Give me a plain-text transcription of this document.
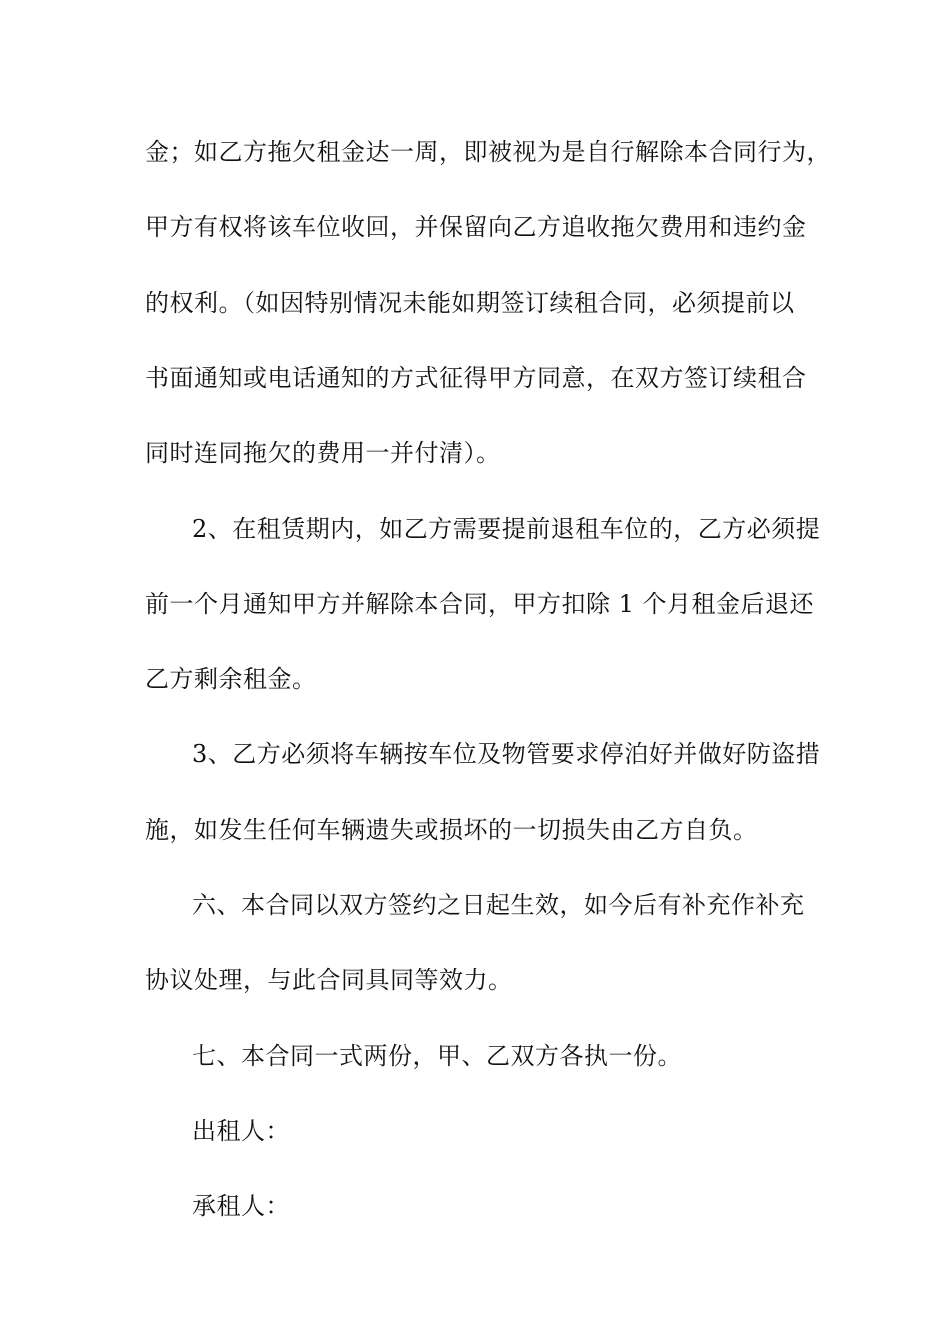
金；如乙方拖欠租金达一周，即被视为是自行解除本合同行为，
甲方有权将该车位收回，并保留向乙方追收拖欠费用和违约金
的权利。（如因特别情况未能如期签订续租合同，必须提前以
书面通知或电话通知的方式征得甲方同意，在双方签订续租合
同时连同拖欠的费用一并付清）。
2、在租赁期内，如乙方需要提前退租车位的，乙方必须提
前一个月通知甲方并解除本合同，甲方扣除 1 个月租金后退还
乙方剩余租金。
3、乙方必须将车辆按车位及物管要求停泊好并做好防盗措
施，如发生任何车辆遗失或损坏的一切损失由乙方自负。
六、本合同以双方签约之日起生效，如今后有补充作补充
协议处理，与此合同具同等效力。
七、本合同一式两份，甲、乙双方各执一份。
出租人：
承租人：
